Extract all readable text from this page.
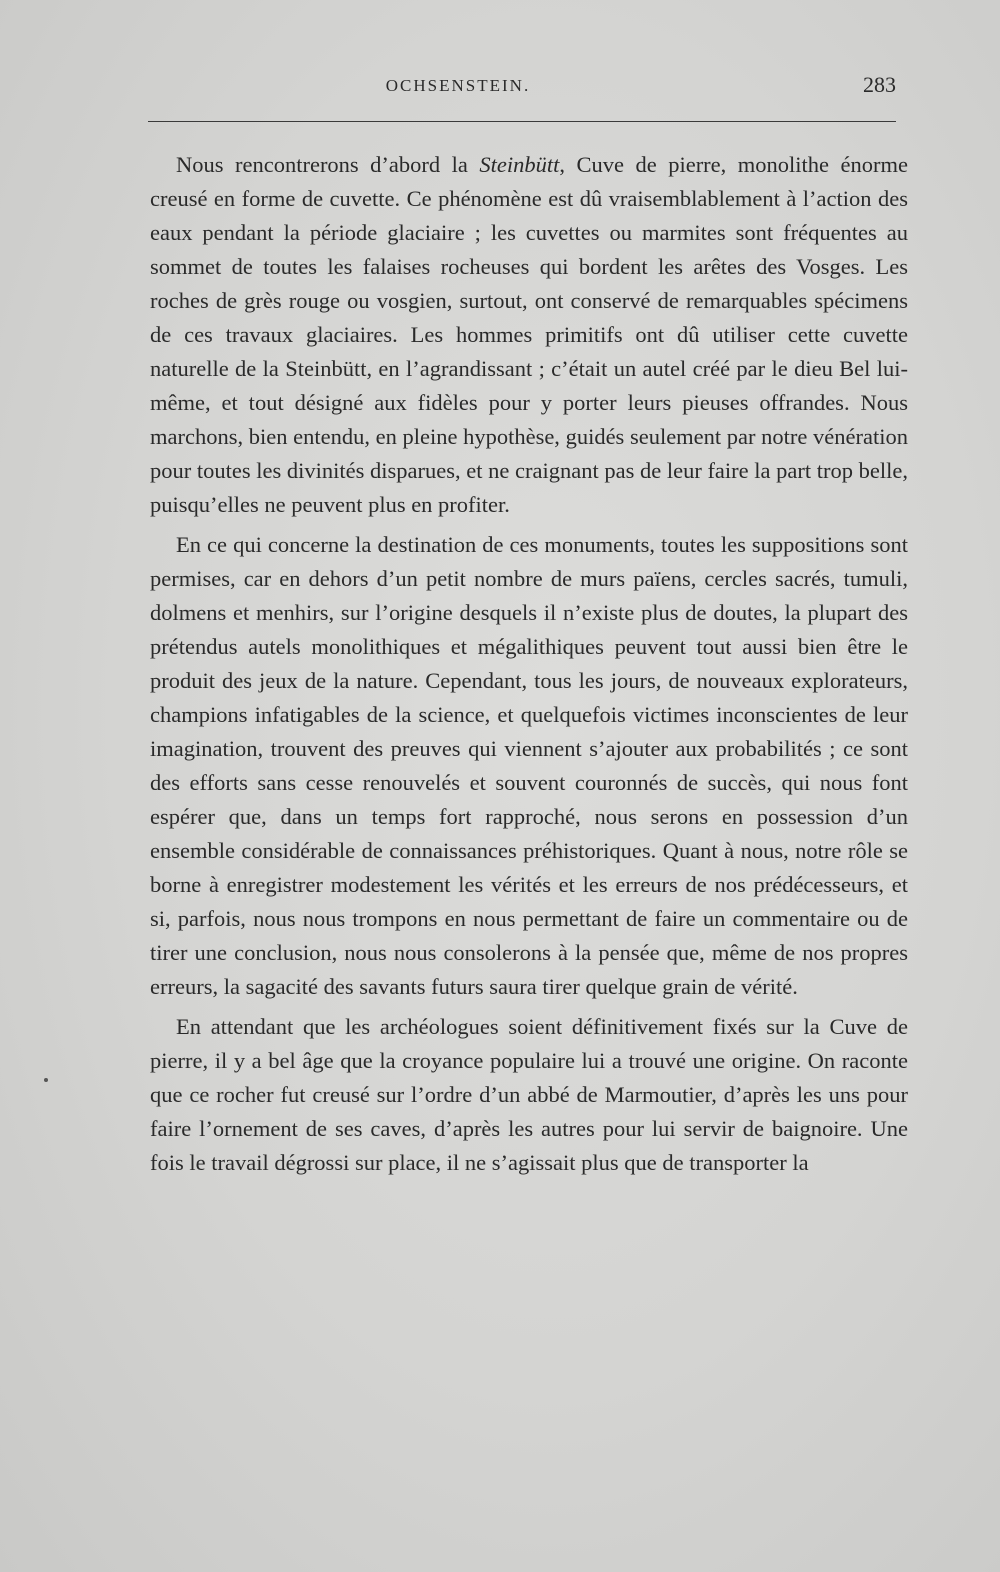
OCHSENSTEIN.	283

Nous rencontrerons d’abord la Steinbütt, Cuve de pierre, monolithe énorme creusé en forme de cuvette. Ce phénomène est dû vraisemblablement à l’action des eaux pendant la période glaciaire ; les cuvettes ou marmites sont fréquentes au sommet de toutes les falaises rocheuses qui bordent les arêtes des Vosges. Les roches de grès rouge ou vosgien, surtout, ont conservé de remarquables spécimens de ces travaux glaciaires. Les hommes primitifs ont dû utiliser cette cuvette naturelle de la Steinbütt, en l’agrandissant ; c’était un autel créé par le dieu Bel lui-même, et tout désigné aux fidèles pour y porter leurs pieuses offrandes. Nous marchons, bien entendu, en pleine hypothèse, guidés seulement par notre vénération pour toutes les divinités disparues, et ne craignant pas de leur faire la part trop belle, puisqu’elles ne peuvent plus en profiter.

En ce qui concerne la destination de ces monuments, toutes les suppositions sont permises, car en dehors d’un petit nombre de murs païens, cercles sacrés, tumuli, dolmens et menhirs, sur l’origine desquels il n’existe plus de doutes, la plupart des prétendus autels monolithiques et mégalithiques peuvent tout aussi bien être le produit des jeux de la nature. Cependant, tous les jours, de nouveaux explorateurs, champions infatigables de la science, et quelquefois victimes inconscientes de leur imagination, trouvent des preuves qui viennent s’ajouter aux probabilités ; ce sont des efforts sans cesse renouvelés et souvent couronnés de succès, qui nous font espérer que, dans un temps fort rapproché, nous serons en possession d’un ensemble considérable de connaissances préhistoriques. Quant à nous, notre rôle se borne à enregistrer modestement les vérités et les erreurs de nos prédécesseurs, et si, parfois, nous nous trompons en nous permettant de faire un commentaire ou de tirer une conclusion, nous nous consolerons à la pensée que, même de nos propres erreurs, la sagacité des savants futurs saura tirer quelque grain de vérité.

En attendant que les archéologues soient définitivement fixés sur la Cuve de pierre, il y a bel âge que la croyance populaire lui a trouvé une origine. On raconte que ce rocher fut creusé sur l’ordre d’un abbé de Marmoutier, d’après les uns pour faire l’ornement de ses caves, d’après les autres pour lui servir de baignoire. Une fois le travail dégrossi sur place, il ne s’agissait plus que de transporter la
